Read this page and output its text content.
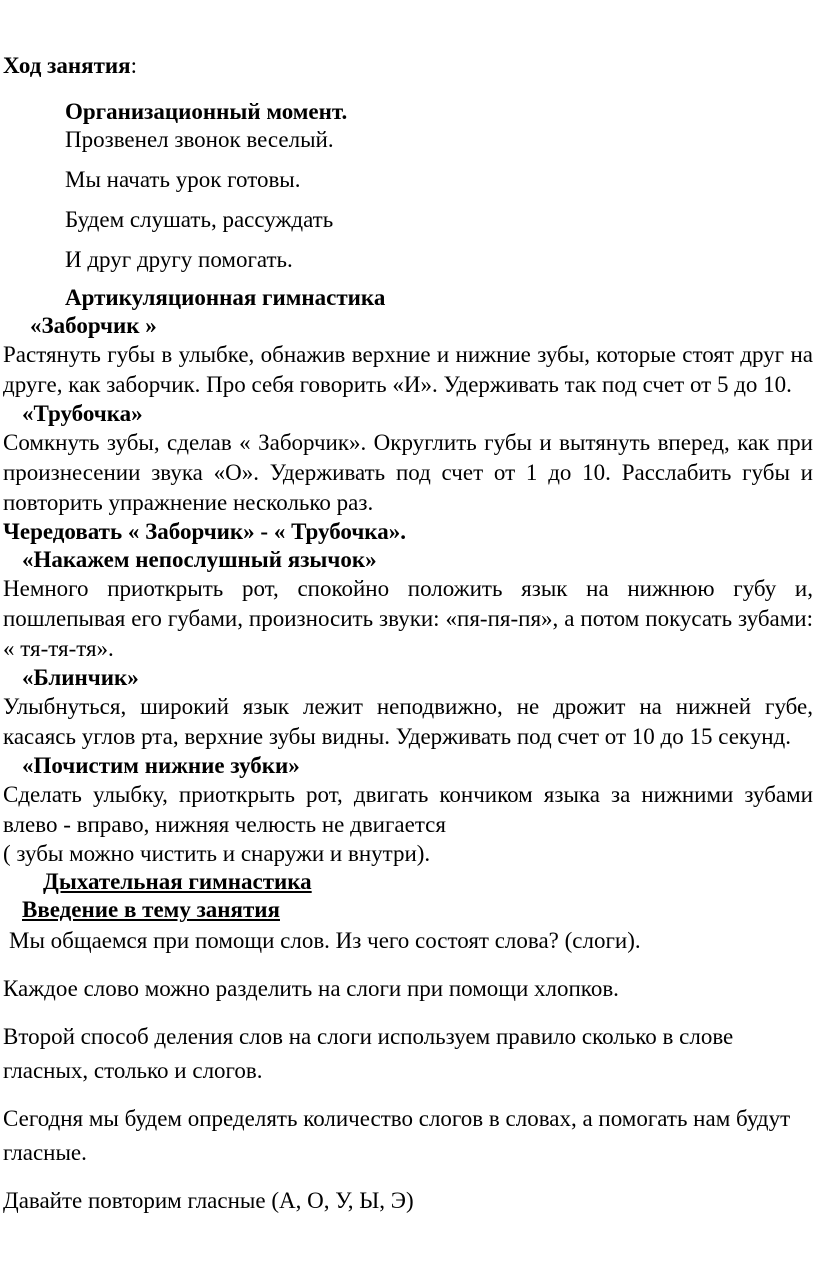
Ход занятия:

Организационный момент.

Прозвенел звонок веселый.

Мы начать урок готовы.

Будем слушать, рассуждать

И друг другу помогать.

Артикуляционная гимнастика

«Заборчик »

Растянуть губы в улыбке, обнажив верхние и нижние зубы, которые стоят друг на друге, как заборчик. Про себя говорить «И». Удерживать так под счет от 5 до 10.

«Трубочка»

Сомкнуть зубы, сделав « Заборчик». Округлить губы и вытянуть вперед, как при произнесении звука «О». Удерживать под счет от 1 до 10. Расслабить губы и повторить упражнение несколько раз.

Чередовать « Заборчик» - « Трубочка».

«Накажем непослушный язычок»

Немного приоткрыть рот, спокойно положить язык на нижнюю губу и, пошлепывая его губами, произносить звуки: «пя-пя-пя», а потом покусать зубами: « тя-тя-тя».

«Блинчик»

Улыбнуться, широкий язык лежит неподвижно, не дрожит на нижней губе, касаясь углов рта, верхние зубы видны. Удерживать под счет от 10 до 15 секунд.

«Почистим нижние зубки»

Сделать улыбку, приоткрыть рот, двигать кончиком языка за нижними зубами влево - вправо, нижняя челюсть не двигается

( зубы можно чистить и снаружи и внутри).

Дыхательная гимнастика

Введение в тему занятия

Мы общаемся при помощи слов. Из чего состоят слова? (слоги).

Каждое слово можно разделить на слоги при помощи хлопков.

Второй способ деления слов на слоги используем правило сколько в слове гласных, столько и слогов.

Сегодня мы будем определять количество слогов в словах, а помогать нам будут гласные.

Давайте повторим гласные (А, О, У, Ы, Э)
